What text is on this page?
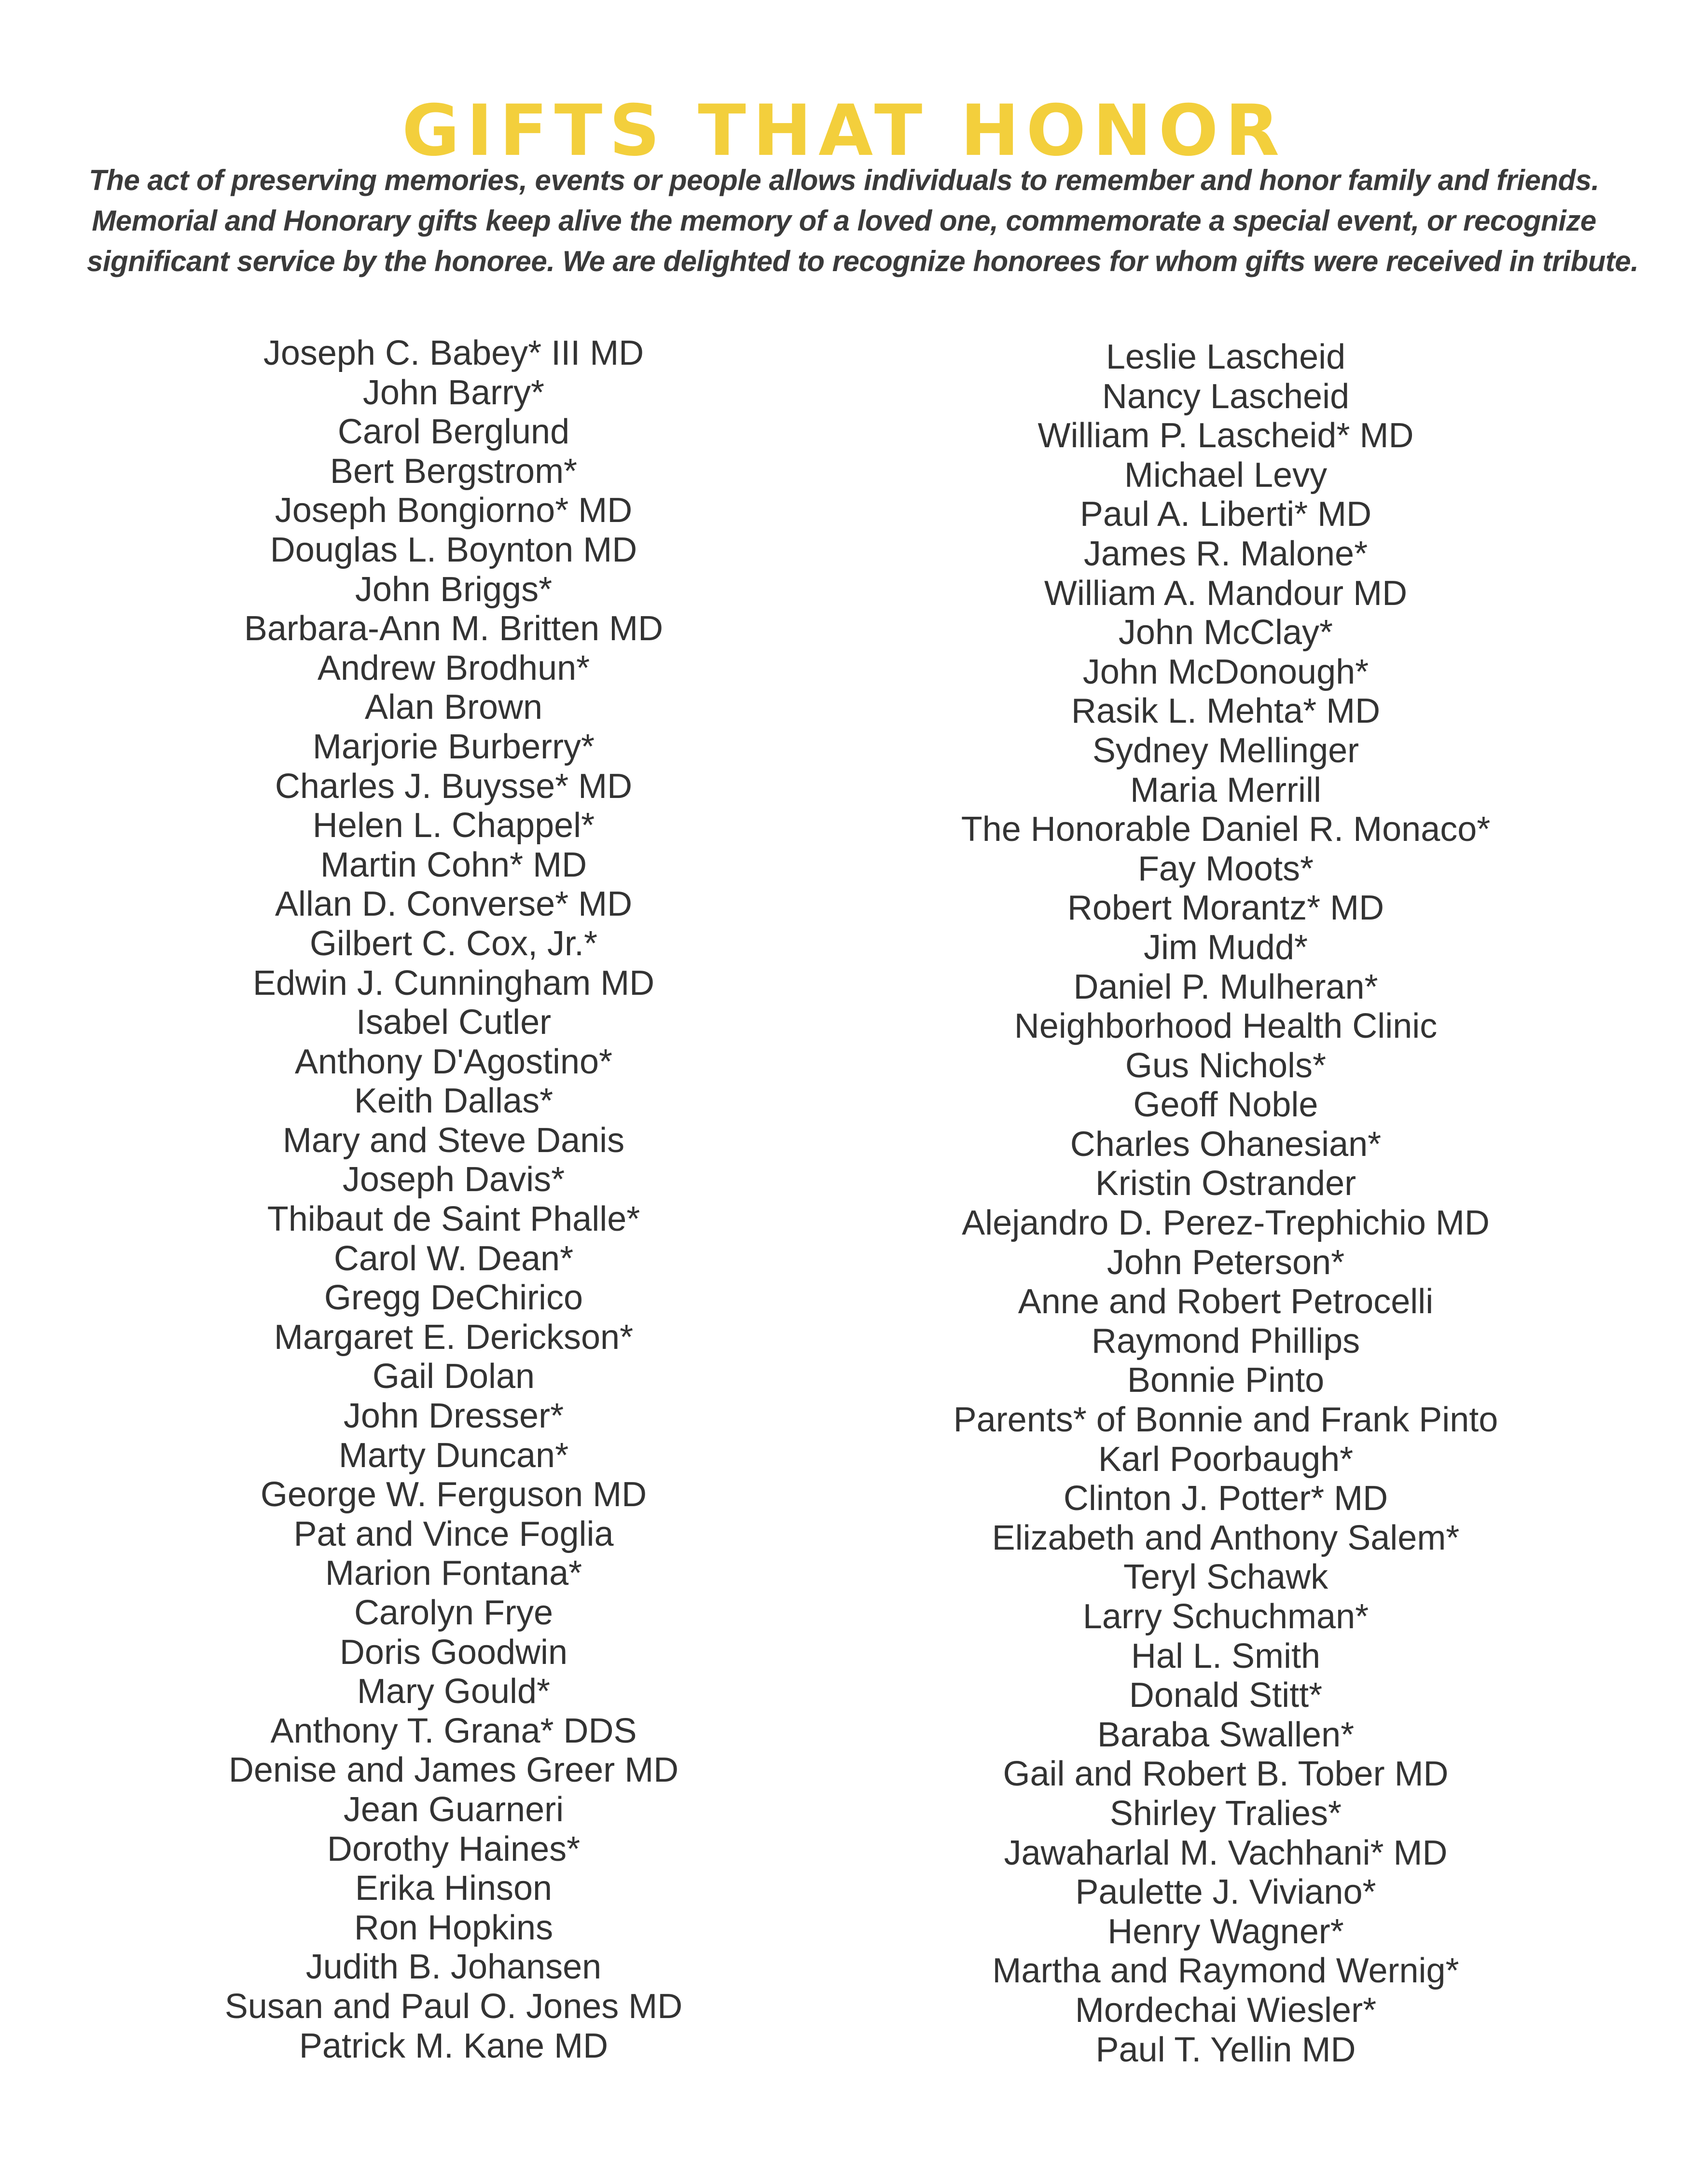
GIFTS THAT HONOR
The act of preserving memories, events or people allows individuals to remember and honor family and friends.
Memorial and Honorary gifts keep alive the memory of a loved one, commemorate a special event, or recognize
significant service by the honoree. We are delighted to recognize honorees for whom gifts were received in tribute.
Joseph C. Babey* III MD
John Barry*
Carol Berglund
Bert Bergstrom*
Joseph Bongiorno* MD
Douglas L. Boynton MD
John Briggs*
Barbara-Ann M. Britten MD
Andrew Brodhun*
Alan Brown
Marjorie Burberry*
Charles J. Buysse* MD
Helen L. Chappel*
Martin Cohn* MD
Allan D. Converse* MD
Gilbert C. Cox, Jr.*
Edwin J. Cunningham MD
Isabel Cutler
Anthony D'Agostino*
Keith Dallas*
Mary and Steve Danis
Joseph Davis*
Thibaut de Saint Phalle*
Carol W. Dean*
Gregg DeChirico
Margaret E. Derickson*
Gail Dolan
John Dresser*
Marty Duncan*
George W. Ferguson MD
Pat and Vince Foglia
Marion Fontana*
Carolyn Frye
Doris Goodwin
Mary Gould*
Anthony T. Grana* DDS
Denise and James Greer MD
Jean Guarneri
Dorothy Haines*
Erika Hinson
Ron Hopkins
Judith B. Johansen
Susan and Paul O. Jones MD
Patrick M. Kane MD
Leslie Lascheid
Nancy Lascheid
William P. Lascheid* MD
Michael Levy
Paul A. Liberti* MD
James R. Malone*
William A. Mandour MD
John McClay*
John McDonough*
Rasik L. Mehta* MD
Sydney Mellinger
Maria Merrill
The Honorable Daniel R. Monaco*
Fay Moots*
Robert Morantz* MD
Jim Mudd*
Daniel P. Mulheran*
Neighborhood Health Clinic
Gus Nichols*
Geoff Noble
Charles Ohanesian*
Kristin Ostrander
Alejandro D. Perez-Trephichio MD
John Peterson*
Anne and Robert Petrocelli
Raymond Phillips
Bonnie Pinto
Parents* of Bonnie and Frank Pinto
Karl Poorbaugh*
Clinton J. Potter* MD
Elizabeth and Anthony Salem*
Teryl Schawk
Larry Schuchman*
Hal L. Smith
Donald Stitt*
Baraba Swallen*
Gail and Robert B. Tober MD
Shirley Tralies*
Jawaharlal M. Vachhani* MD
Paulette J. Viviano*
Henry Wagner*
Martha and Raymond Wernig*
Mordechai Wiesler*
Paul T. Yellin MD
